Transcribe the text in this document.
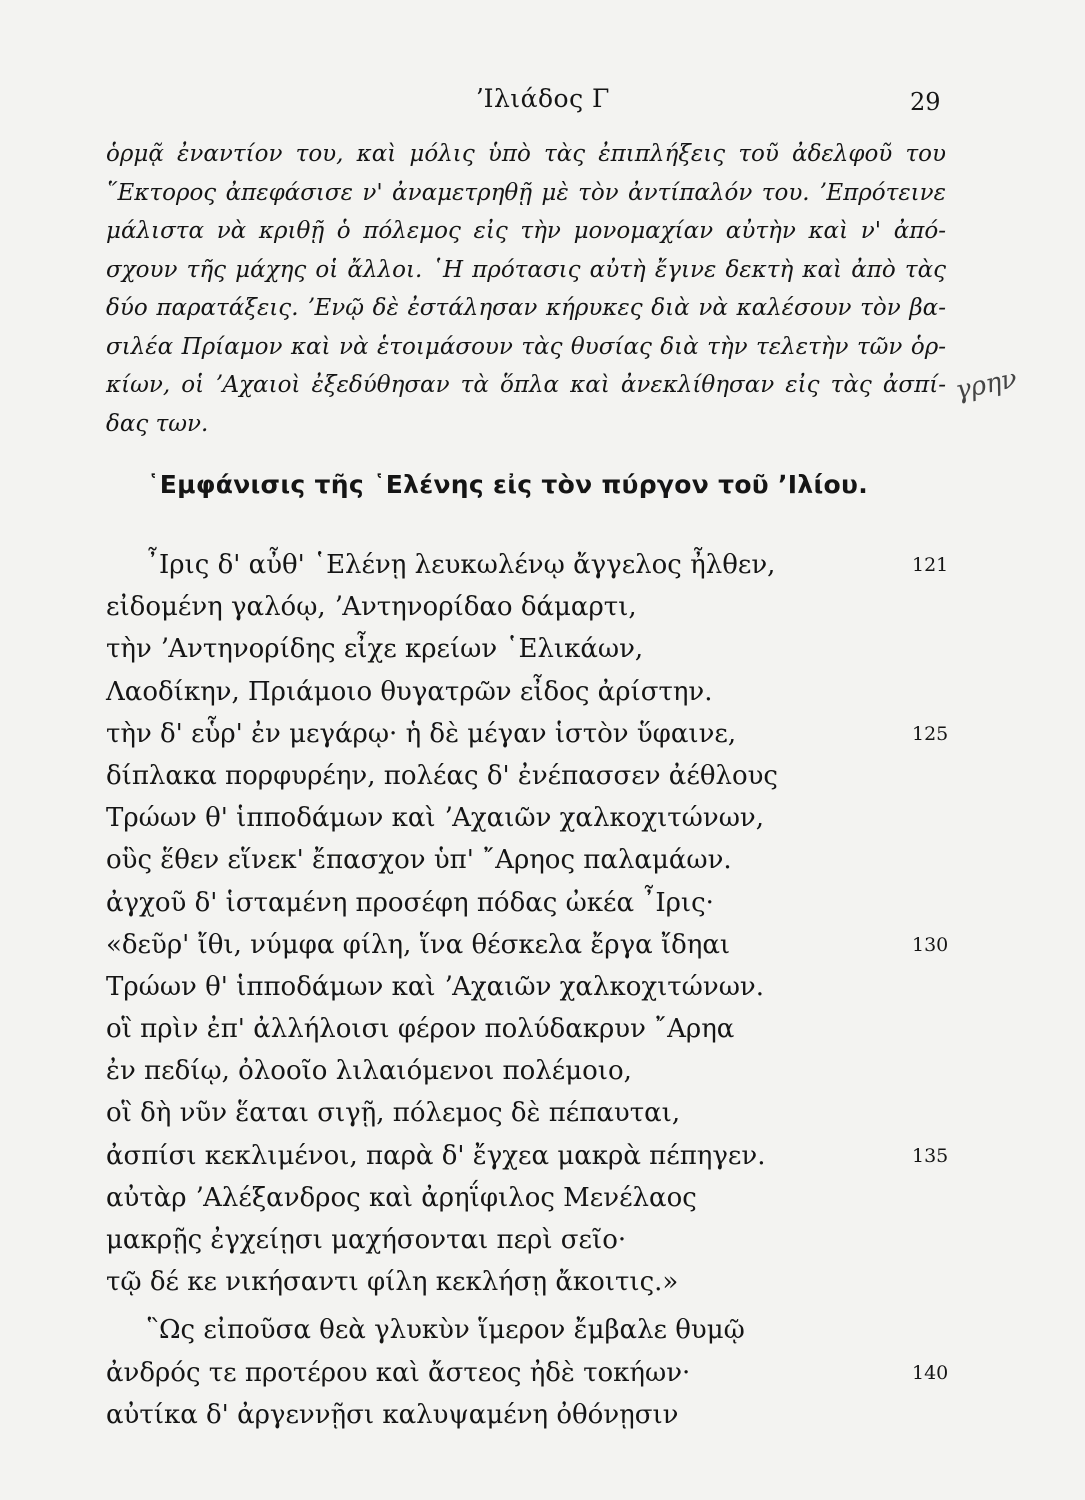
ʼΙλιάδος Γ	29
ὁρμᾷ ἐναντίον του, καὶ μόλις ὑπὸ τὰς ἐπιπλήξεις τοῦ ἀδελφοῦ του
῞Εκτορος ἀπεφάσισε ν' ἀναμετρηθῇ μὲ τὸν ἀντίπαλόν του. ʼΕπρότεινε
μάλιστα νὰ κριθῇ ὁ πόλεμος εἰς τὴν μονομαχίαν αὐτὴν καὶ ν' ἀπό-
σχουν τῆς μάχης οἱ ἄλλοι. ῾Η πρότασις αὐτὴ ἔγινε δεκτὴ καὶ ἀπὸ τὰς
δύο παρατάξεις. ʼΕνῷ δὲ ἐστάλησαν κήρυκες διὰ νὰ καλέσουν τὸν βα-
σιλέα Πρίαμον καὶ νὰ ἑτοιμάσουν τὰς θυσίας διὰ τὴν τελετὴν τῶν ὁρ-
κίων, οἱ ʼΑχαιοὶ ἐξεδύθησαν τὰ ὅπλα καὶ ἀνεκλίθησαν εἰς τὰς ἀσπί-
δας των.
γρην
῾Εμφάνισις τῆς ῾Ελένης εἰς τὸν πύργον τοῦ ʼΙλίου.
῏Ιρις δ' αὖθ' ῾Ελένῃ λευκωλένῳ ἄγγελος ἦλθεν,	121
εἰδομένη γαλόῳ, ʼΑντηνορίδαο δάμαρτι,
τὴν ʼΑντηνορίδης εἶχε κρείων ῾Ελικάων,
Λαοδίκην, Πριάμοιο θυγατρῶν εἶδος ἀρίστην.
τὴν δ' εὗρ' ἐν μεγάρῳ· ἡ δὲ μέγαν ἱστὸν ὕφαινε,	125
δίπλακα πορφυρέην, πολέας δ' ἐνέπασσεν ἀέθλους
Τρώων θ' ἱπποδάμων καὶ ʼΑχαιῶν χαλκοχιτώνων,
οὓς ἕθεν εἵνεκ' ἔπασχον ὑπ' ῎Αρηος παλαμάων.
ἀγχοῦ δ' ἱσταμένη προσέφη πόδας ὠκέα ῏Ιρις·
«δεῦρ' ἴθι, νύμφα φίλη, ἵνα θέσκελα ἔργα ἴδηαι	130
Τρώων θ' ἱπποδάμων καὶ ʼΑχαιῶν χαλκοχιτώνων.
οἳ πρὶν ἐπ' ἀλλήλοισι φέρον πολύδακρυν ῎Αρηα
ἐν πεδίῳ, ὀλοοῖο λιλαιόμενοι πολέμοιο,
οἳ δὴ νῦν ἕαται σιγῇ, πόλεμος δὲ πέπαυται,
ἀσπίσι κεκλιμένοι, παρὰ δ' ἔγχεα μακρὰ πέπηγεν.	135
αὐτὰρ ʼΑλέξανδρος καὶ ἀρηΐφιλος Μενέλαος
μακρῇς ἐγχείῃσι μαχήσονται περὶ σεῖο·
τῷ δέ κε νικήσαντι φίλη κεκλήσῃ ἄκοιτις.»
῝Ως εἰποῦσα θεὰ γλυκὺν ἵμερον ἔμβαλε θυμῷ
ἀνδρός τε προτέρου καὶ ἄστεος ἠδὲ τοκήων·	140
αὐτίκα δ' ἀργεννῇσι καλυψαμένη ὀθόνῃσιν
